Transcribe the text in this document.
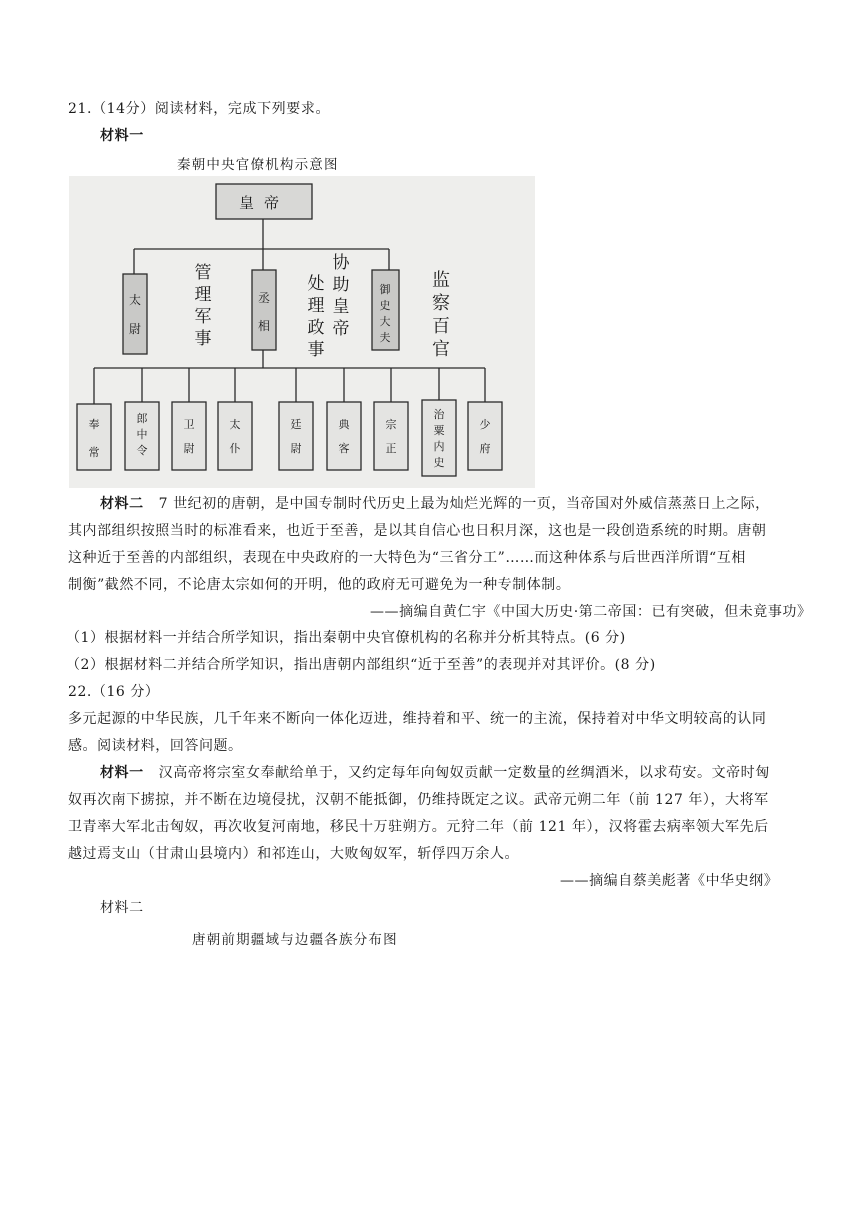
21.（14分）阅读材料，完成下列要求。
材料一
秦朝中央官僚机构示意图
皇帝
太
尉
丞
相
御
史
大
夫
管
理
军
事
处
理
政
事
协
助
皇
帝
监
察
百
官
奉
常
郎
中
令
卫
尉
太
仆
廷
尉
典
客
宗
正
治
粟
内
史
少
府
材料二 7 世纪初的唐朝，是中国专制时代历史上最为灿烂光辉的一页，当帝国对外威信蒸蒸日上之际，
其内部组织按照当时的标准看来，也近于至善，是以其自信心也日积月深，这也是一段创造系统的时期。唐朝
这种近于至善的内部组织，表现在中央政府的一大特色为“三省分工”……而这种体系与后世西洋所谓“互相
制衡”截然不同，不论唐太宗如何的开明，他的政府无可避免为一种专制体制。
——摘编自黄仁宇《中国大历史·第二帝国：已有突破，但未竟事功》
（1）根据材料一并结合所学知识，指出秦朝中央官僚机构的名称并分析其特点。(6 分)
（2）根据材料二并结合所学知识，指出唐朝内部组织“近于至善”的表现并对其评价。(8 分)
22.（16 分）
多元起源的中华民族，几千年来不断向一体化迈进，维持着和平、统一的主流，保持着对中华文明较高的认同
感。阅读材料，回答问题。
材料一 汉高帝将宗室女奉献给单于，又约定每年向匈奴贡献一定数量的丝绸酒米，以求苟安。文帝时匈
奴再次南下掳掠，并不断在边境侵扰，汉朝不能抵御，仍维持既定之议。武帝元朔二年（前 127 年），大将军
卫青率大军北击匈奴，再次收复河南地，移民十万驻朔方。元狩二年（前 121 年），汉将霍去病率领大军先后
越过焉支山（甘肃山县境内）和祁连山，大败匈奴军，斩俘四万余人。
——摘编自蔡美彪著《中华史纲》
材料二
唐朝前期疆域与边疆各族分布图
